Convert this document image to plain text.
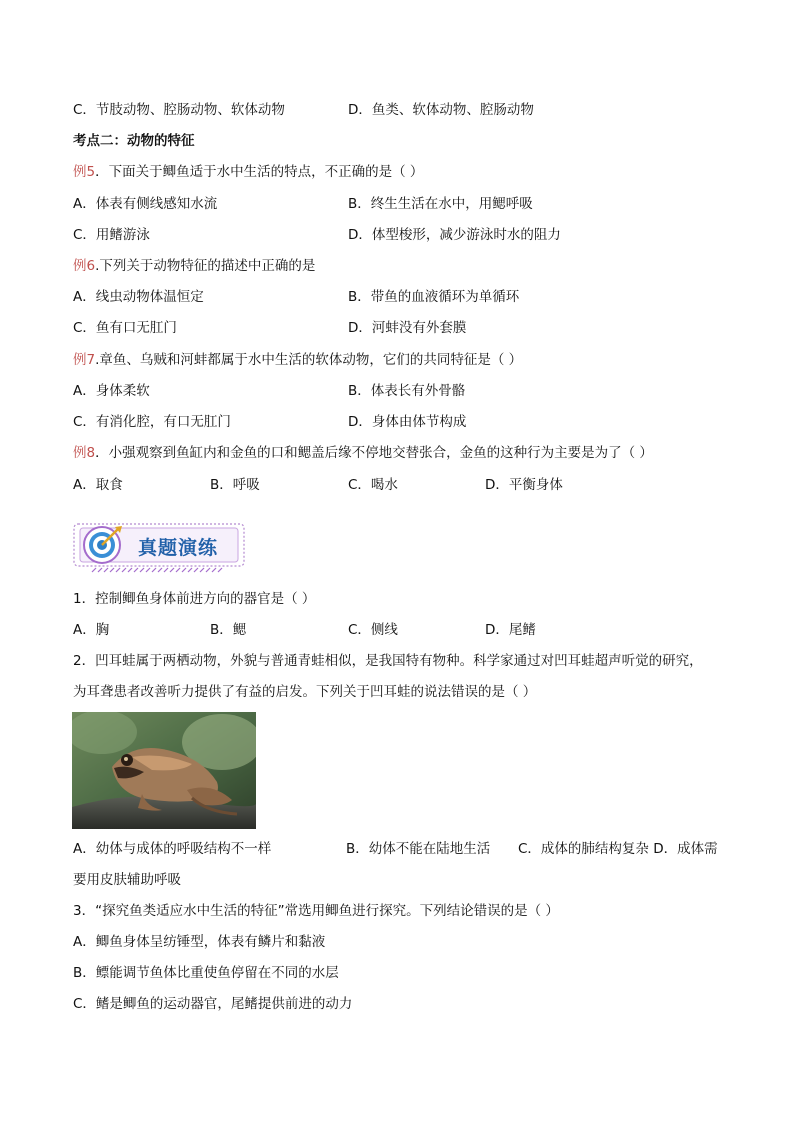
C．节肢动物、腔肠动物、软体动物	D．鱼类、软体动物、腔肠动物
考点二：动物的特征
例5．下面关于鲫鱼适于水中生活的特点，不正确的是（ ）
A．体表有侧线感知水流	B．终生生活在水中，用鳃呼吸
C．用鳍游泳	D．体型梭形，减少游泳时水的阻力
例6.下列关于动物特征的描述中正确的是
A．线虫动物体温恒定	B．带鱼的血液循环为单循环
C．鱼有口无肛门	D．河蚌没有外套膜
例7.章鱼、乌贼和河蚌都属于水中生活的软体动物，它们的共同特征是（ ）
A．身体柔软	B．体表长有外骨骼
C．有消化腔，有口无肛门	D．身体由体节构成
例8．小强观察到鱼缸内和金鱼的口和鳃盖后缘不停地交替张合，金鱼的这种行为主要是为了（ ）
A．取食	B．呼吸	C．喝水	D．平衡身体
真题演练
1．控制鲫鱼身体前进方向的器官是（ ）
A．胸	B．鳃	C．侧线	D．尾鳍
2．凹耳蛙属于两栖动物，外貌与普通青蛙相似，是我国特有物种。科学家通过对凹耳蛙超声听觉的研究，
为耳聋患者改善听力提供了有益的启发。下列关于凹耳蛙的说法错误的是（ ）
A．幼体与成体的呼吸结构不一样	B．幼体不能在陆地生活 C．成体的肺结构复杂 D．成体需
要用皮肤辅助呼吸
3．“探究鱼类适应水中生活的特征”常选用鲫鱼进行探究。下列结论错误的是（ ）
A．鲫鱼身体呈纺锤型，体表有鳞片和黏液
B．鳔能调节鱼体比重使鱼停留在不同的水层
C．鳍是鲫鱼的运动器官，尾鳍提供前进的动力
